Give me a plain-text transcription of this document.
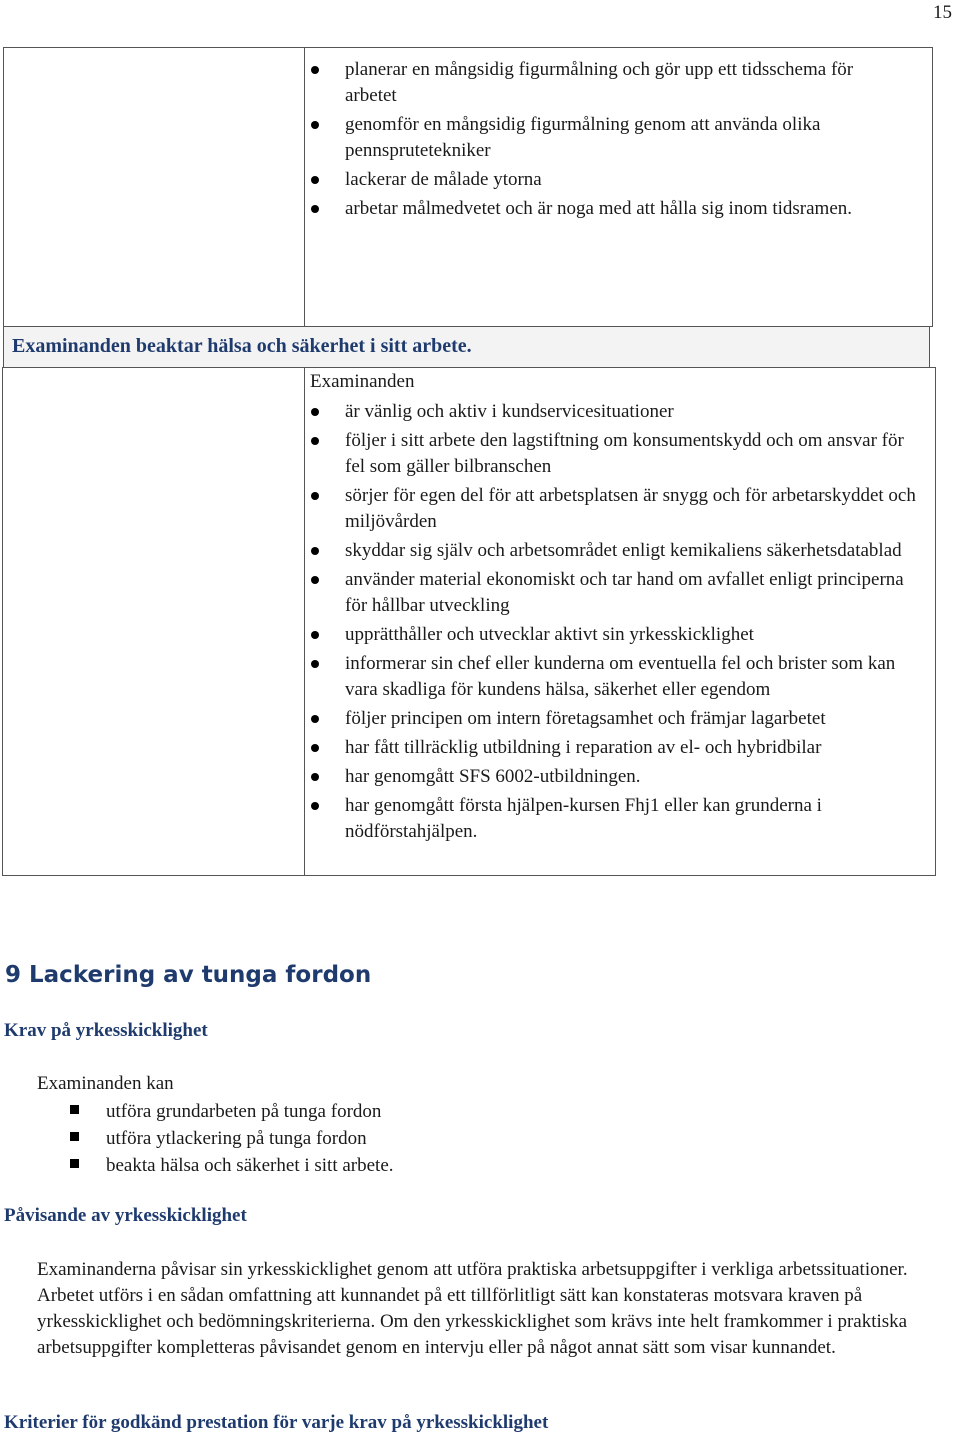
15
planerar en mångsidig figurmålning och gör upp ett tidsschema för arbetet
genomför en mångsidig figurmålning genom att använda olika pennsprutetekniker
lackerar de målade ytorna
arbetar målmedvetet och är noga med att hålla sig inom tidsramen.
Examinanden beaktar hälsa och säkerhet i sitt arbete.
Examinanden
är vänlig och aktiv i kundservicesituationer
följer i sitt arbete den lagstiftning om konsumentskydd och om ansvar för fel som gäller bilbranschen
sörjer för egen del för att arbetsplatsen är snygg och för arbetarskyddet och miljövården
skyddar sig själv och arbetsområdet enligt kemikaliens säkerhetsdatablad
använder material ekonomiskt och tar hand om avfallet enligt principerna för hållbar utveckling
upprätthåller och utvecklar aktivt sin yrkesskicklighet
informerar sin chef eller kunderna om eventuella fel och brister som kan vara skadliga för kundens hälsa, säkerhet eller egendom
följer principen om intern företagsamhet och främjar lagarbetet
har fått tillräcklig utbildning i reparation av el- och hybridbilar
har genomgått SFS 6002-utbildningen.
har genomgått första hjälpen-kursen Fhj1 eller kan grunderna i nödförstahjälpen.
9 Lackering av tunga fordon
Krav på yrkesskicklighet

Examinanden kan

utföra grundarbeten på tunga fordon
utföra ytlackering på tunga fordon
beakta hälsa och säkerhet i sitt arbete.
Påvisande av yrkesskicklighet

Examinanderna påvisar sin yrkesskicklighet genom att utföra praktiska arbetsuppgifter i verkliga arbetssituationer. Arbetet utförs i en sådan omfattning att kunnandet på ett tillförlitligt sätt kan konstateras motsvara kraven på yrkesskicklighet och bedömningskriterierna. Om den yrkesskicklighet som krävs inte helt framkommer i praktiska arbetsuppgifter kompletteras påvisandet genom en intervju eller på något annat sätt som visar kunnandet.

Kriterier för godkänd prestation för varje krav på yrkesskicklighet
